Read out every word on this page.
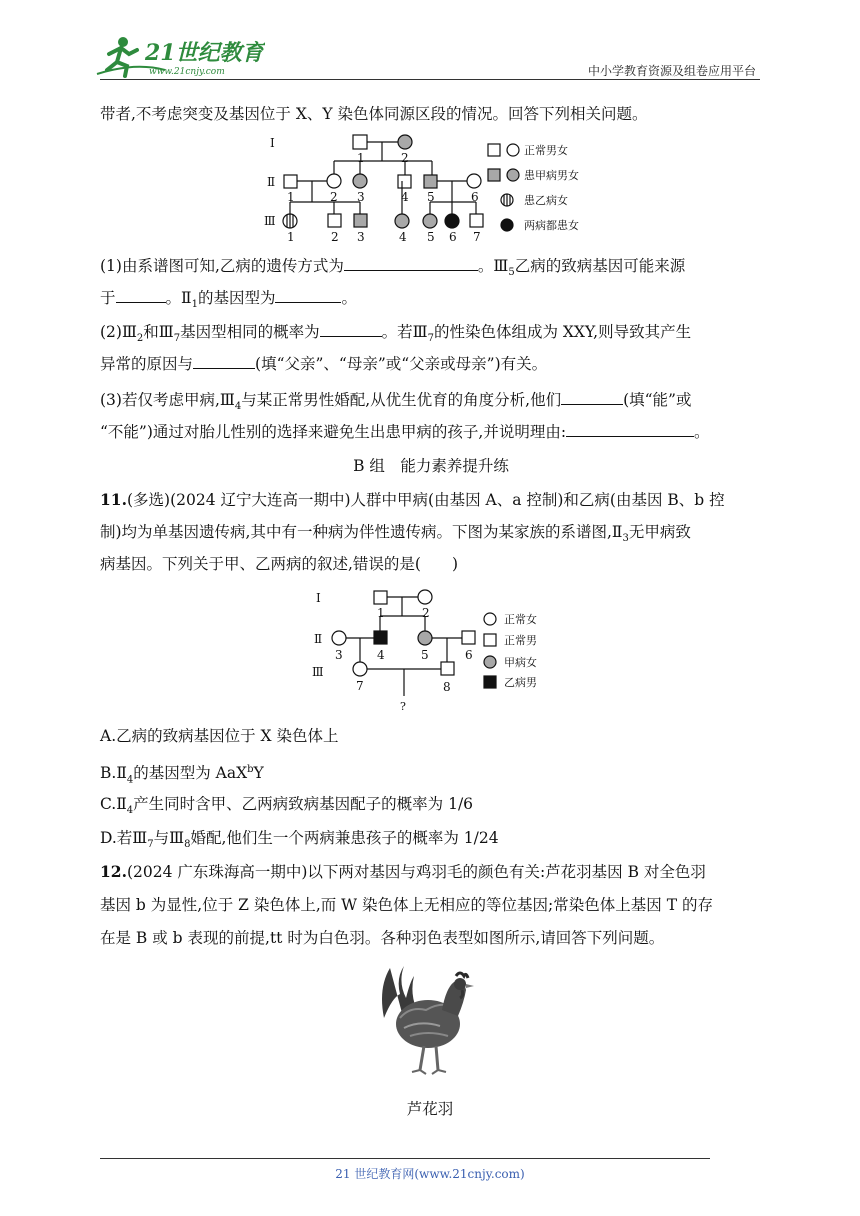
21世纪教育
www.21cnjy.com	中小学教育资源及组卷应用平台
带者,不考虑突变及基因位于 X、Y 染色体同源区段的情况。回答下列相关问题。
Ⅰ
Ⅱ
Ⅲ
1	2
1	2 3	4 5	6
1	2 3	4 5 6 7
正常男女
患甲病男女
患乙病女
两病都患女
(1)由系谱图可知,乙病的遗传方式为	。$Ⅲ_5$乙病的致病基因可能来源
于	。$Ⅱ_1$的基因型为	。
$(2)Ⅲ_2$和$Ⅲ_7$基因型相同的概率为	。若$Ⅲ_7$的性染色体组成为 XXY,则导致其产生
异常的原因与	(填“父亲”、“母亲”或“父亲或母亲”)有关。
(3)若仅考虑甲病$,Ⅲ_4$与某正常男性婚配,从优生优育的角度分析,他们	(填“能”或
“不能”)通过对胎儿性别的选择来避免生出患甲病的孩子,并说明理由:	。
B 组　能力素养提升练
11.(多选)(2024 辽宁大连高一期中)人群中甲病(由基因 A、a 控制)和乙病(由基因 B、b 控
制)均为单基因遗传病,其中有一种病为伴性遗传病。下图为某家族的系谱图$,Ⅱ_3$无甲病致
病基因。下列关于甲、乙两病的叙述,错误的是(　　)
Ⅰ
Ⅱ
Ⅲ
1	2
3	4	5	6
7	8
?
正常女
正常男
甲病女
乙病男
A.乙病的致病基因位于 X 染色体上
$B.Ⅱ_4$的基因型为 AaX$^b$Y
$C.Ⅱ_4$产生同时含甲、乙两病致病基因配子的概率为 1/6
D.若$Ⅲ_7$与$Ⅲ_8$婚配,他们生一个两病兼患孩子的概率为 1/24
12.(2024 广东珠海高一期中)以下两对基因与鸡羽毛的颜色有关:芦花羽基因 B 对全色羽
基因 b 为显性,位于 Z 染色体上,而 W 染色体上无相应的等位基因;常染色体上基因 T 的存
在是 B 或 b 表现的前提,tt 时为白色羽。各种羽色表型如图所示,请回答下列问题。
芦花羽
21 世纪教育网(www.21cnjy.com)
